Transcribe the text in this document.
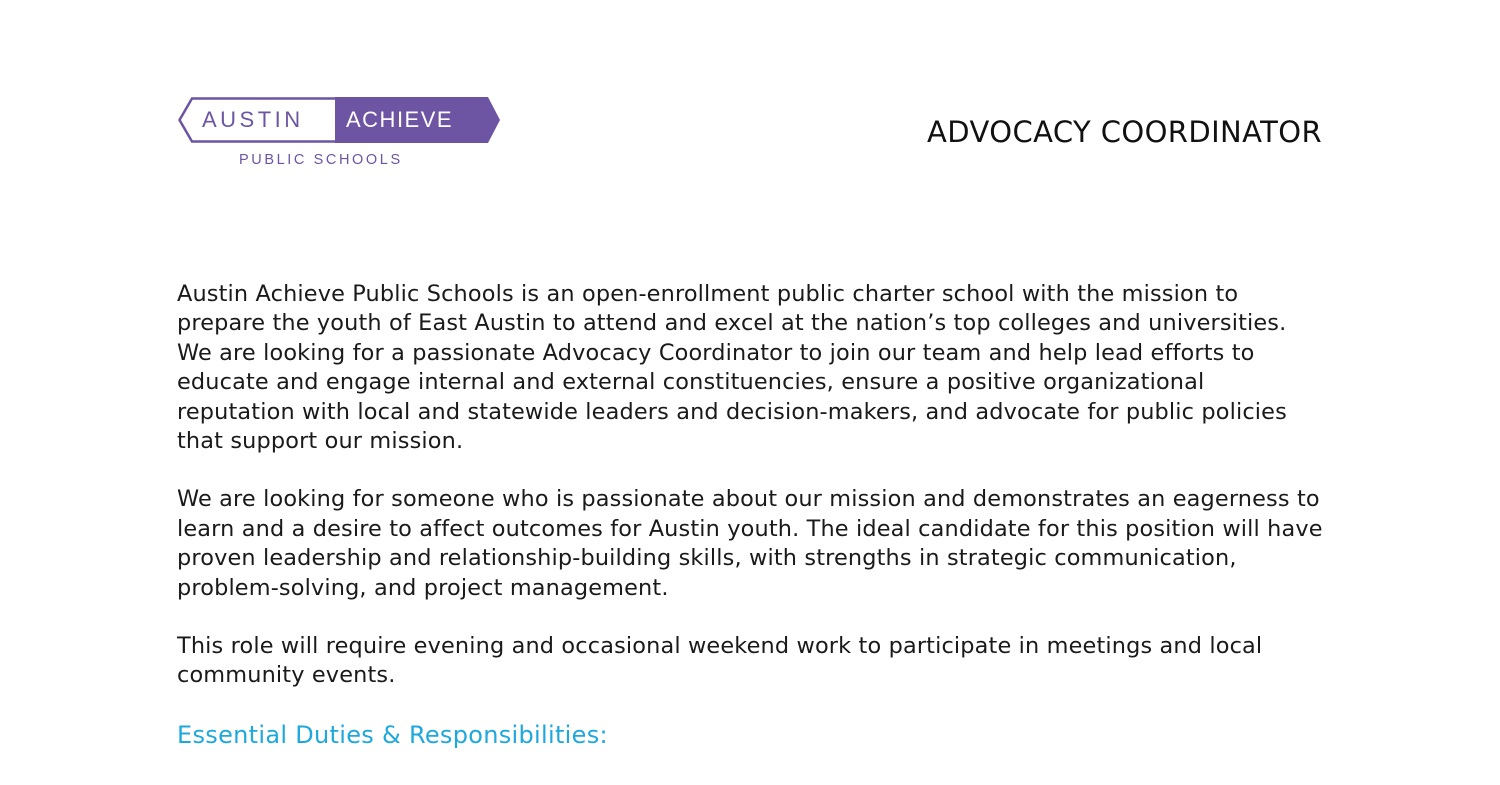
AUSTIN	ACHIEVE
PUBLIC SCHOOLS
ADVOCACY COORDINATOR

Austin Achieve Public Schools is an open-enrollment public charter school with the mission to prepare the youth of East Austin to attend and excel at the nation’s top colleges and universities. We are looking for a passionate Advocacy Coordinator to join our team and help lead efforts to educate and engage internal and external constituencies, ensure a positive organizational reputation with local and statewide leaders and decision-makers, and advocate for public policies that support our mission.

We are looking for someone who is passionate about our mission and demonstrates an eagerness to learn and a desire to affect outcomes for Austin youth. The ideal candidate for this position will have proven leadership and relationship-building skills, with strengths in strategic communication, problem-solving, and project management.

This role will require evening and occasional weekend work to participate in meetings and local community events.

Essential Duties & Responsibilities:
